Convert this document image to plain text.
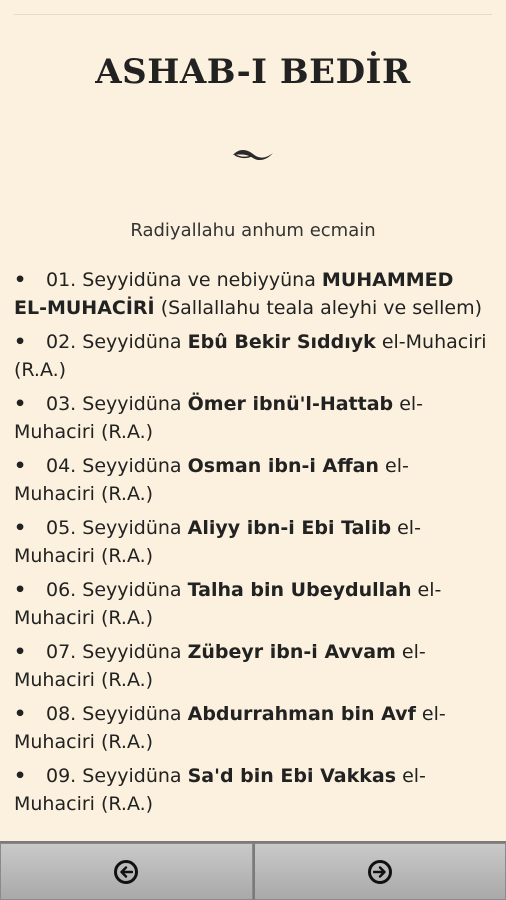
ASHAB-I BEDİR
Radiyallahu anhum ecmain
• 01. Seyyidüna ve nebiyyüna MUHAMMED EL-MUHACİRİ (Sallallahu teala aleyhi ve sellem)
• 02. Seyyidüna Ebû Bekir Sıddıyk el-Muhaciri (R.A.)
• 03. Seyyidüna Ömer ibnü'l-Hattab el-Muhaciri (R.A.)
• 04. Seyyidüna Osman ibn-i Affan el-Muhaciri (R.A.)
• 05. Seyyidüna Aliyy ibn-i Ebi Talib el-Muhaciri (R.A.)
• 06. Seyyidüna Talha bin Ubeydullah el-Muhaciri (R.A.)
• 07. Seyyidüna Zübeyr ibn-i Avvam el-Muhaciri (R.A.)
• 08. Seyyidüna Abdurrahman bin Avf el-Muhaciri (R.A.)
• 09. Seyyidüna Sa'd bin Ebi Vakkas el-Muhaciri (R.A.)
